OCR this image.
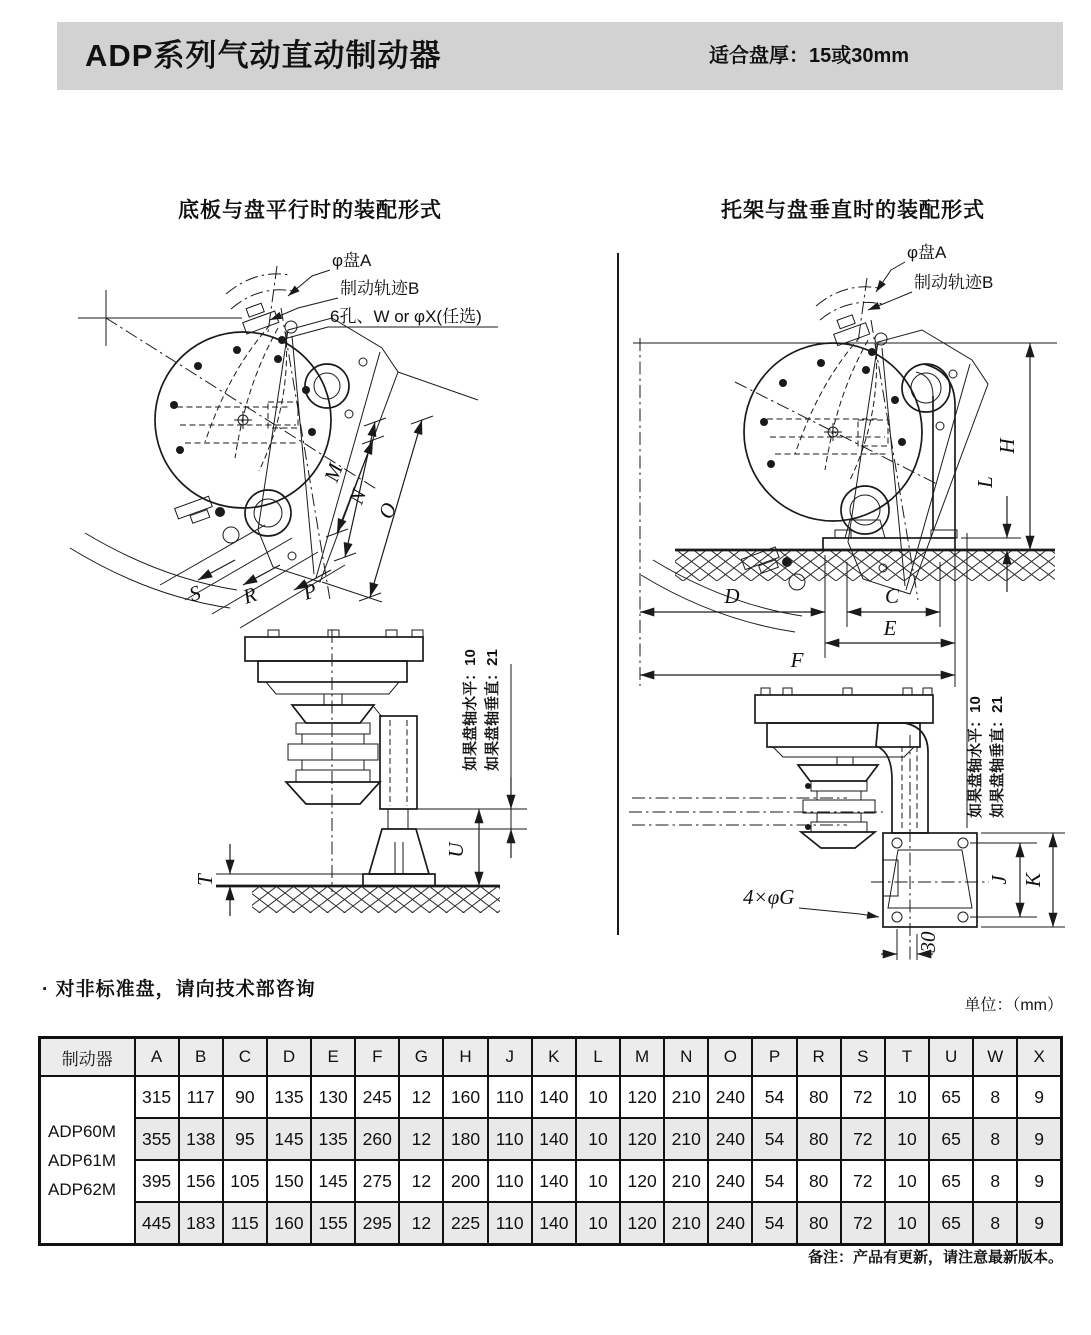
ADP系列气动直动制动器	适合盘厚：15或30mm
底板与盘平行时的装配形式	托架与盘垂直时的装配形式
φ盘A
制动轨迹B
6孔、W or φX(任选)
M
N
O
S R P
T
U
如果盘轴水平：10 如果盘轴垂直：21
φ盘A
制动轨迹B
H
L
D	C
E
F
J K
30
4×φG
如果盘轴水平：10 如果盘轴垂直：21
· 对非标准盘，请向技术部咨询
单位：（mm）
制动器	A	B	C	D	E	F	G	H	J	K	L	M	N	O	P	R	S	T	U	W	X

ADP60M
ADP61M
ADP62M	315	117	90	135	130	245	12	160	110	140	10	120	210	240	54	80	72	10	65	8	9
	355	138	95	145	135	260	12	180	110	140	10	120	210	240	54	80	72	10	65	8	9
	395	156	105	150	145	275	12	200	110	140	10	120	210	240	54	80	72	10	65	8	9
	445	183	115	160	155	295	12	225	110	140	10	120	210	240	54	80	72	10	65	8	9
备注：产品有更新，请注意最新版本。
